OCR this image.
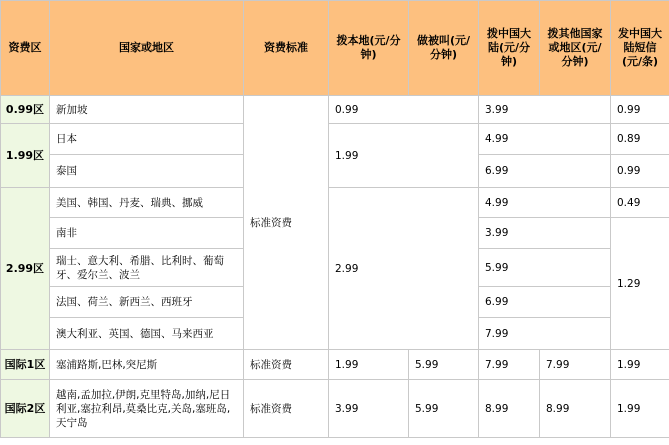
资费区	国家或地区	资费标准	拨本地(元/分钟)	做被叫(元/分钟)	拨中国大陆(元/分钟)	拨其他国家或地区(元/分钟)	发中国大陆短信(元/条)
0.99区	新加坡	标准资费	0.99		3.99		0.99
1.99区	日本		1.99		4.99		0.89
	泰国				6.99		0.99
2.99区	美国、韩国、丹麦、瑞典、挪威		2.99		4.99		0.49
	南非				3.99		1.29
	瑞士、意大利、希腊、比利时、葡萄牙、爱尔兰、波兰				5.99		
	法国、荷兰、新西兰、西班牙				6.99		
	澳大利亚、英国、德国、马来西亚				7.99		
国际1区	塞浦路斯,巴林,突尼斯	标准资费	1.99	5.99	7.99	7.99	1.99
国际2区	越南,孟加拉,伊朗,克里特岛,加纳,尼日利亚,塞拉利昂,莫桑比克,关岛,塞班岛,天宁岛	标准资费	3.99	5.99	8.99	8.99	1.99
